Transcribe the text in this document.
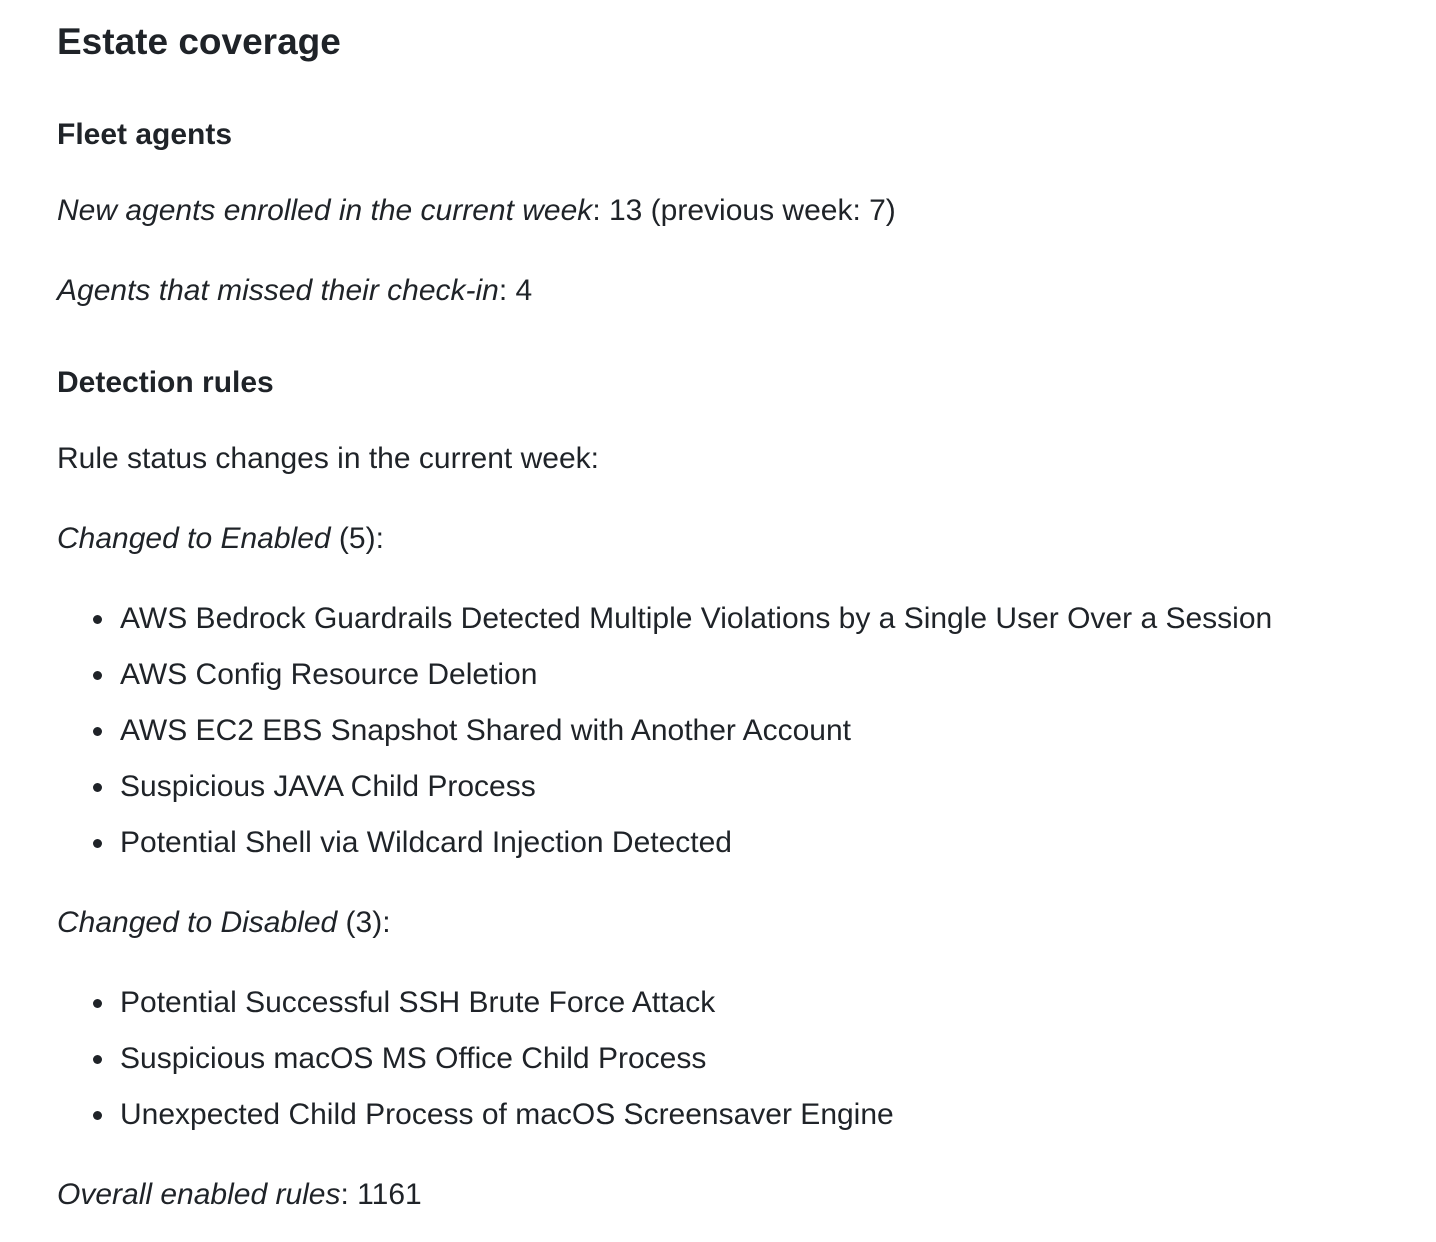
Estate coverage
Fleet agents

New agents enrolled in the current week: 13 (previous week: 7)

Agents that missed their check-in: 4

Detection rules

Rule status changes in the current week:

Changed to Enabled (5):

AWS Bedrock Guardrails Detected Multiple Violations by a Single User Over a Session
AWS Config Resource Deletion
AWS EC2 EBS Snapshot Shared with Another Account
Suspicious JAVA Child Process
Potential Shell via Wildcard Injection Detected

Changed to Disabled (3):

Potential Successful SSH Brute Force Attack
Suspicious macOS MS Office Child Process
Unexpected Child Process of macOS Screensaver Engine

Overall enabled rules: 1161
